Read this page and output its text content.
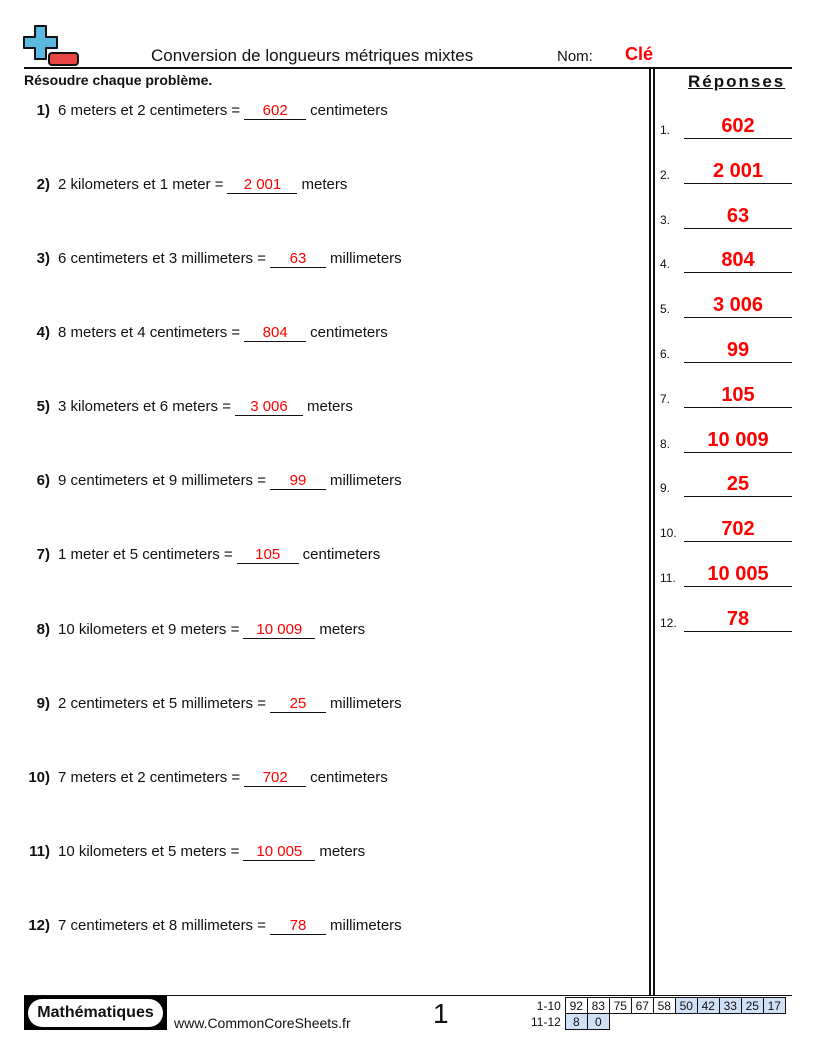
Conversion de longueurs métriques mixtes	Nom: Clé
Résoudre chaque problème.	Réponses
1) 6 meters et 2 centimeters =	602	centimeters
2) 2 kilometers et 1 meter =	2 001	meters
3) 6 centimeters et 3 millimeters =	63	millimeters
4) 8 meters et 4 centimeters =	804	centimeters
5) 3 kilometers et 6 meters =	3 006	meters
6) 9 centimeters et 9 millimeters =	99	millimeters
7) 1 meter et 5 centimeters =	105	centimeters
8) 10 kilometers et 9 meters =	10 009	meters
9) 2 centimeters et 5 millimeters =	25	millimeters
10) 7 meters et 2 centimeters =	702	centimeters
11) 10 kilometers et 5 meters =	10 005	meters
12) 7 centimeters et 8 millimeters =	78	millimeters
1.	602
2.	2 001
3.	63
4.	804
5.	3 006
6.	99
7.	105
8.	10 009
9.	25
10.	702
11.	10 005
12.	78
Mathématiques
www.CommonCoreSheets.fr	1	1-10	92	83	75	67	58	50	42	33	25	17
11-12	8	0								
